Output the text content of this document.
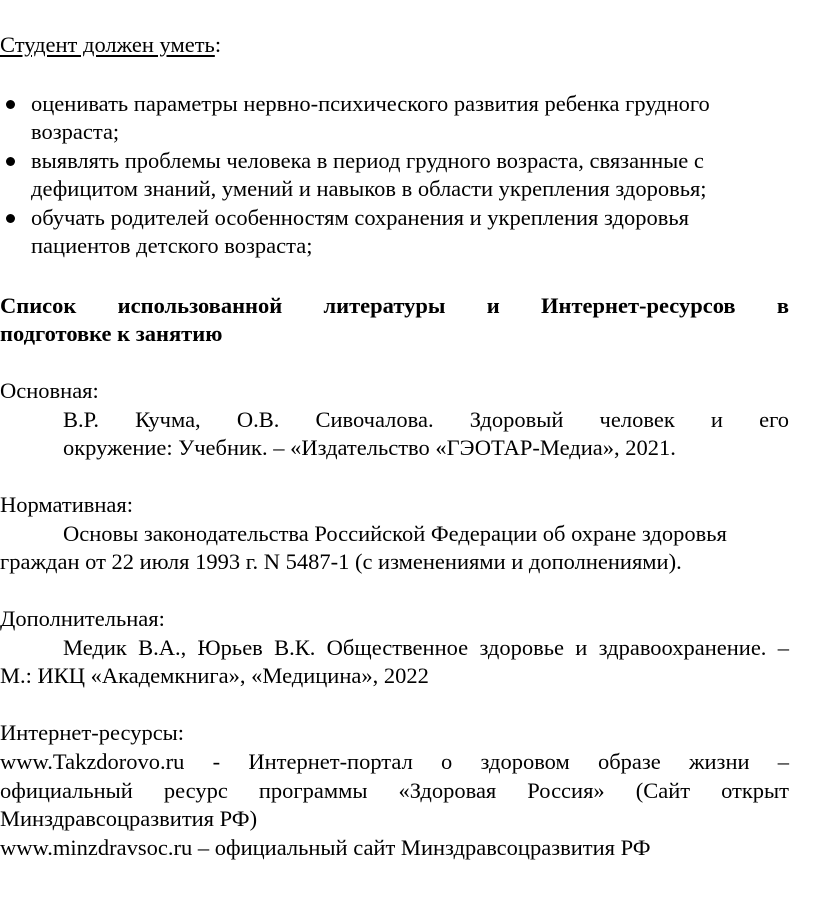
Студент должен уметь:
оценивать параметры нервно-психического развития ребенка грудного
возраста;
выявлять проблемы человека в период грудного возраста, связанные с
дефицитом знаний, умений и навыков в области укрепления здоровья;
обучать родителей особенностям сохранения и укрепления здоровья
пациентов детского возраста;
Список использованной литературы и Интернет-ресурсов в
подготовке к занятию
Основная:
В.Р. Кучма, О.В. Сивочалова. Здоровый человек и его
окружение: Учебник. – «Издательство «ГЭОТАР-Медиа», 2021.
Нормативная:
Основы законодательства Российской Федерации об охране здоровья
граждан от 22 июля 1993 г. N 5487-1 (с изменениями и дополнениями).
Дополнительная:
Медик В.А., Юрьев В.К. Общественное здоровье и здравоохранение. –
М.: ИКЦ «Академкнига», «Медицина», 2022
Интернет-ресурсы:
www.Takzdorovo.ru - Интернет-портал о здоровом образе жизни –
официальный ресурс программы «Здоровая Россия» (Сайт открыт
Минздравсоцразвития РФ)
www.minzdravsoc.ru – официальный сайт Минздравсоцразвития РФ
